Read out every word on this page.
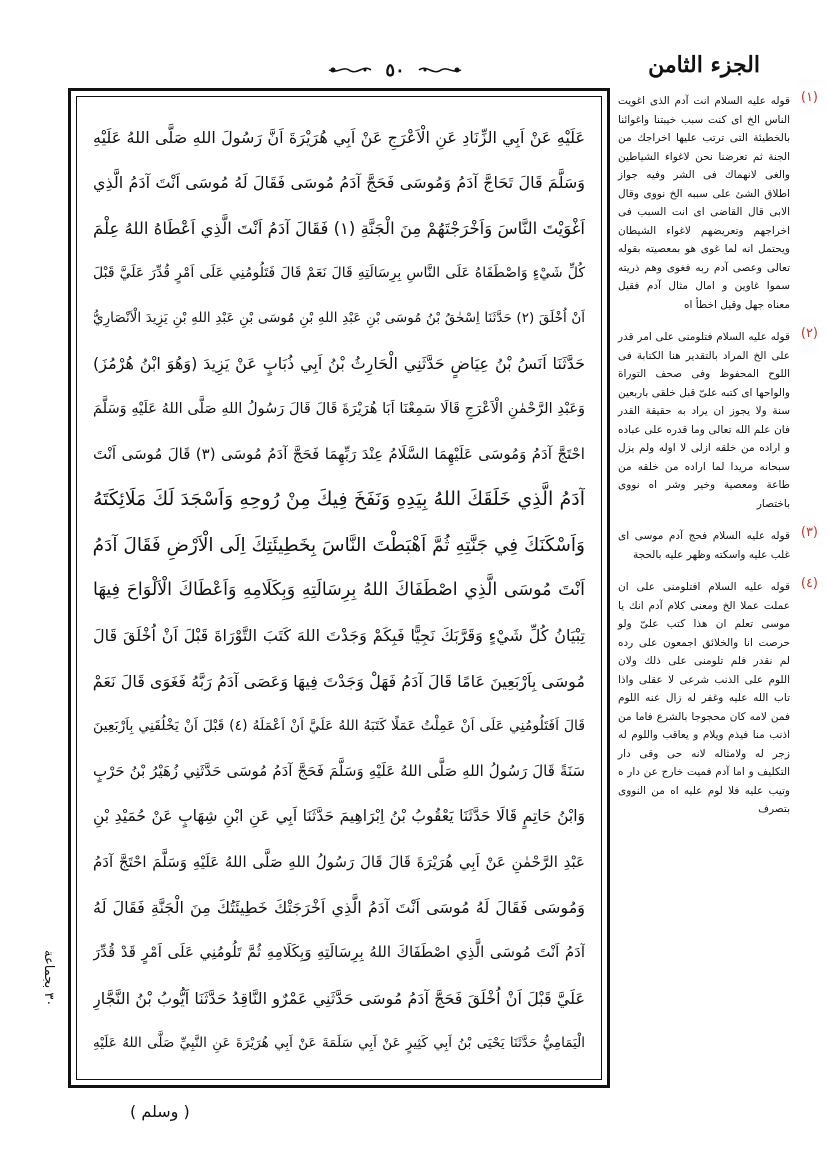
الجزء الثامن
٥٠
عَلَيْهِ عَنْ اَبِي الزِّنَادِ عَنِ الْاَعْرَجِ عَنْ اَبِي هُرَيْرَةَ اَنَّ رَسُولَ اللهِ صَلَّى اللهُ عَلَيْهِ
وَسَلَّمَ قَالَ تَحَاجَّ آدَمُ وَمُوسَى فَحَجَّ آدَمُ مُوسَى فَقَالَ لَهُ مُوسَى اَنْتَ آدَمُ الَّذِي
اَغْوَيْتَ النَّاسَ وَاَخْرَجْتَهُمْ مِنَ الْجَنَّةِ (١) فَقَالَ آدَمُ اَنْتَ الَّذِي اَعْطَاهُ اللهُ عِلْمَ
كُلِّ شَيْءٍ وَاصْطَفَاهُ عَلَى النَّاسِ بِرِسَالَتِهِ قَالَ نَعَمْ قَالَ فَتَلُومُنِي عَلَى اَمْرٍ قُدِّرَ عَلَيَّ قَبْلَ
اَنْ اُخْلَقَ (٢) حَدَّثَنَا اِسْحٰقُ بْنُ مُوسَى بْنِ عَبْدِ اللهِ بْنِ مُوسَى بْنِ عَبْدِ اللهِ بْنِ يَزِيدَ الْاَنْصَارِيُّ
حَدَّثَنَا اَنَسُ بْنُ عِيَاضٍ حَدَّثَنِي الْحَارِثُ بْنُ اَبِي ذُبَابٍ عَنْ يَزِيدَ (وَهُوَ ابْنُ هُرْمُزَ)
وَعَبْدِ الرَّحْمٰنِ الْاَعْرَجِ قَالَا سَمِعْنَا اَبَا هُرَيْرَةَ قَالَ قَالَ رَسُولُ اللهِ صَلَّى اللهُ عَلَيْهِ وَسَلَّمَ
احْتَجَّ آدَمُ وَمُوسَى عَلَيْهِمَا السَّلَامُ عِنْدَ رَبِّهِمَا فَحَجَّ آدَمُ مُوسَى (٣) قَالَ مُوسَى اَنْتَ
آدَمُ الَّذِي خَلَقَكَ اللهُ بِيَدِهِ وَنَفَخَ فِيكَ مِنْ رُوحِهِ وَاَسْجَدَ لَكَ مَلَائِكَتَهُ
وَاَسْكَنَكَ فِي جَنَّتِهِ ثُمَّ اَهْبَطْتَ النَّاسَ بِخَطِيئَتِكَ اِلَى الْاَرْضِ فَقَالَ آدَمُ
اَنْتَ مُوسَى الَّذِي اصْطَفَاكَ اللهُ بِرِسَالَتِهِ وَبِكَلَامِهِ وَاَعْطَاكَ الْاَلْوَاحَ فِيهَا
تِبْيَانُ كُلِّ شَيْءٍ وَقَرَّبَكَ نَجِيًّا فَبِكَمْ وَجَدْتَ اللهَ كَتَبَ التَّوْرَاةَ قَبْلَ اَنْ اُخْلَقَ قَالَ
مُوسَى بِاَرْبَعِينَ عَامًا قَالَ آدَمُ فَهَلْ وَجَدْتَ فِيهَا وَعَصَى آدَمُ رَبَّهُ فَغَوَى قَالَ نَعَمْ
قَالَ اَفَتَلُومُنِي عَلَى اَنْ عَمِلْتُ عَمَلًا كَتَبَهُ اللهُ عَلَيَّ اَنْ اَعْمَلَهُ (٤) قَبْلَ اَنْ يَخْلُقَنِي بِاَرْبَعِينَ
سَنَةً قَالَ رَسُولُ اللهِ صَلَّى اللهُ عَلَيْهِ وَسَلَّمَ فَحَجَّ آدَمُ مُوسَى حَدَّثَنِي زُهَيْرُ بْنُ حَرْبٍ
وَابْنُ حَاتِمٍ قَالَا حَدَّثَنَا يَعْقُوبُ بْنُ اِبْرَاهِيمَ حَدَّثَنَا اَبِي عَنِ ابْنِ شِهَابٍ عَنْ حُمَيْدِ بْنِ
عَبْدِ الرَّحْمٰنِ عَنْ اَبِي هُرَيْرَةَ قَالَ قَالَ رَسُولُ اللهِ صَلَّى اللهُ عَلَيْهِ وَسَلَّمَ احْتَجَّ آدَمُ
وَمُوسَى فَقَالَ لَهُ مُوسَى اَنْتَ آدَمُ الَّذِي اَخْرَجَتْكَ خَطِيئَتُكَ مِنَ الْجَنَّةِ فَقَالَ لَهُ
آدَمُ اَنْتَ مُوسَى الَّذِي اصْطَفَاكَ اللهُ بِرِسَالَتِهِ وَبِكَلَامِهِ ثُمَّ تَلُومُنِي عَلَى اَمْرٍ قَدْ قُدِّرَ
عَلَيَّ قَبْلَ اَنْ اُخْلَقَ فَحَجَّ آدَمُ مُوسَى حَدَّثَنِي عَمْرٌو النَّاقِدُ حَدَّثَنَا اَيُّوبُ بْنُ النَّجَّارِ
الْيَمَامِيُّ حَدَّثَنَا يَحْيَى بْنُ اَبِي كَثِيرٍ عَنْ اَبِي سَلَمَةَ عَنْ اَبِي هُرَيْرَةَ عَنِ النَّبِيِّ صَلَّى اللهُ عَلَيْهِ
(١)
قوله عليه السلام انت آدم الذى اغويت الناس الخ اى كنت سبب خيبتنا واغوائنا بالخطيئة التى ترتب عليها اخراجك من الجنة ثم تعرضنا نحن لاغواء الشياطين والغى لانهماك فى الشر وفيه جواز اطلاق الشئ على سببه الخ نووى وقال الابى قال القاضى اى انت السبب فى اخراجهم وتعريضهم لاغواء الشيطان ويحتمل انه لما غوى هو بمعصيته بقوله تعالى وعصى آدم ربه فغوى وهم ذريته سموا غاوين و امال مثال آدم فقيل معناه جهل وقيل اخطأ اه
(٢)
قوله عليه السلام فتلومنى على امر قدر على الخ المراد بالتقدير هنا الكتابة فى اللوح المحفوظ وفى صحف التوراة والواحها اى كتبه علىّ قبل خلقى باربعين سنة ولا يجوز ان يراد به حقيقة القدر فان علم الله تعالى وما قدره على عباده و اراده من خلقه ازلى لا اوله ولم يزل سبحانه مريدا لما اراده من خلقه من طاعة ومعصية وخير وشر اه نووى باختصار
(٣)
قوله عليه السلام فحج آدم موسى اى غلب عليه واسكته وظهر عليه بالحجة
(٤)
قوله عليه السلام افتلومنى على ان عملت عملا الخ ومعنى كلام آدم انك يا موسى تعلم ان هذا كتب علىّ ولو حرصت انا والخلائق اجمعون على رده لم نقدر فلم تلومنى على ذلك ولان اللوم على الذنب شرعى لا عقلى واذا تاب الله عليه وغفر له زال عنه اللوم فمن لامه كان محجوجا بالشرع فاما من اذنب منا فيذم ويلام و يعاقب واللوم له زجر له ولامثاله لانه حى وقى دار التكليف و اما آدم فميت خارج عن دار ه وتيب عليه فلا لوم عليه اه من النووى بتصرف
٣٠ بجماعة
( وسلم )
